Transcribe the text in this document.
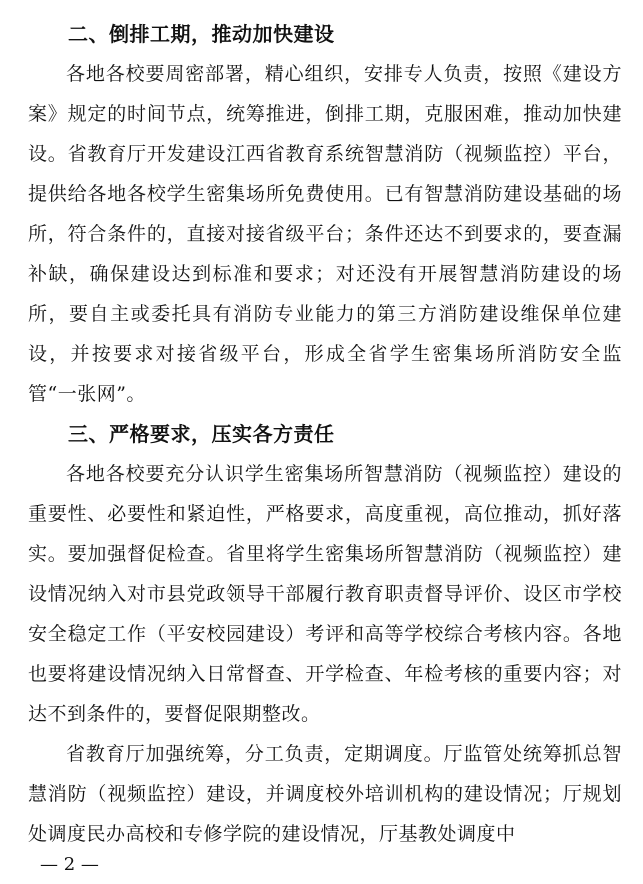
二、倒排工期，推动加快建设

各地各校要周密部署，精心组织，安排专人负责，按照《建设方案》规定的时间节点，统筹推进，倒排工期，克服困难，推动加快建设。省教育厅开发建设江西省教育系统智慧消防（视频监控）平台，提供给各地各校学生密集场所免费使用。已有智慧消防建设基础的场所，符合条件的，直接对接省级平台；条件还达不到要求的，要查漏补缺，确保建设达到标准和要求；对还没有开展智慧消防建设的场所，要自主或委托具有消防专业能力的第三方消防建设维保单位建设，并按要求对接省级平台，形成全省学生密集场所消防安全监管“一张网”。

三、严格要求，压实各方责任

各地各校要充分认识学生密集场所智慧消防（视频监控）建设的重要性、必要性和紧迫性，严格要求，高度重视，高位推动，抓好落实。要加强督促检查。省里将学生密集场所智慧消防（视频监控）建设情况纳入对市县党政领导干部履行教育职责督导评价、设区市学校安全稳定工作（平安校园建设）考评和高等学校综合考核内容。各地也要将建设情况纳入日常督查、开学检查、年检考核的重要内容；对达不到条件的，要督促限期整改。

省教育厅加强统筹，分工负责，定期调度。厅监管处统筹抓总智慧消防（视频监控）建设，并调度校外培训机构的建设情况；厅规划处调度民办高校和专修学院的建设情况，厅基教处调度中

— 2 —
